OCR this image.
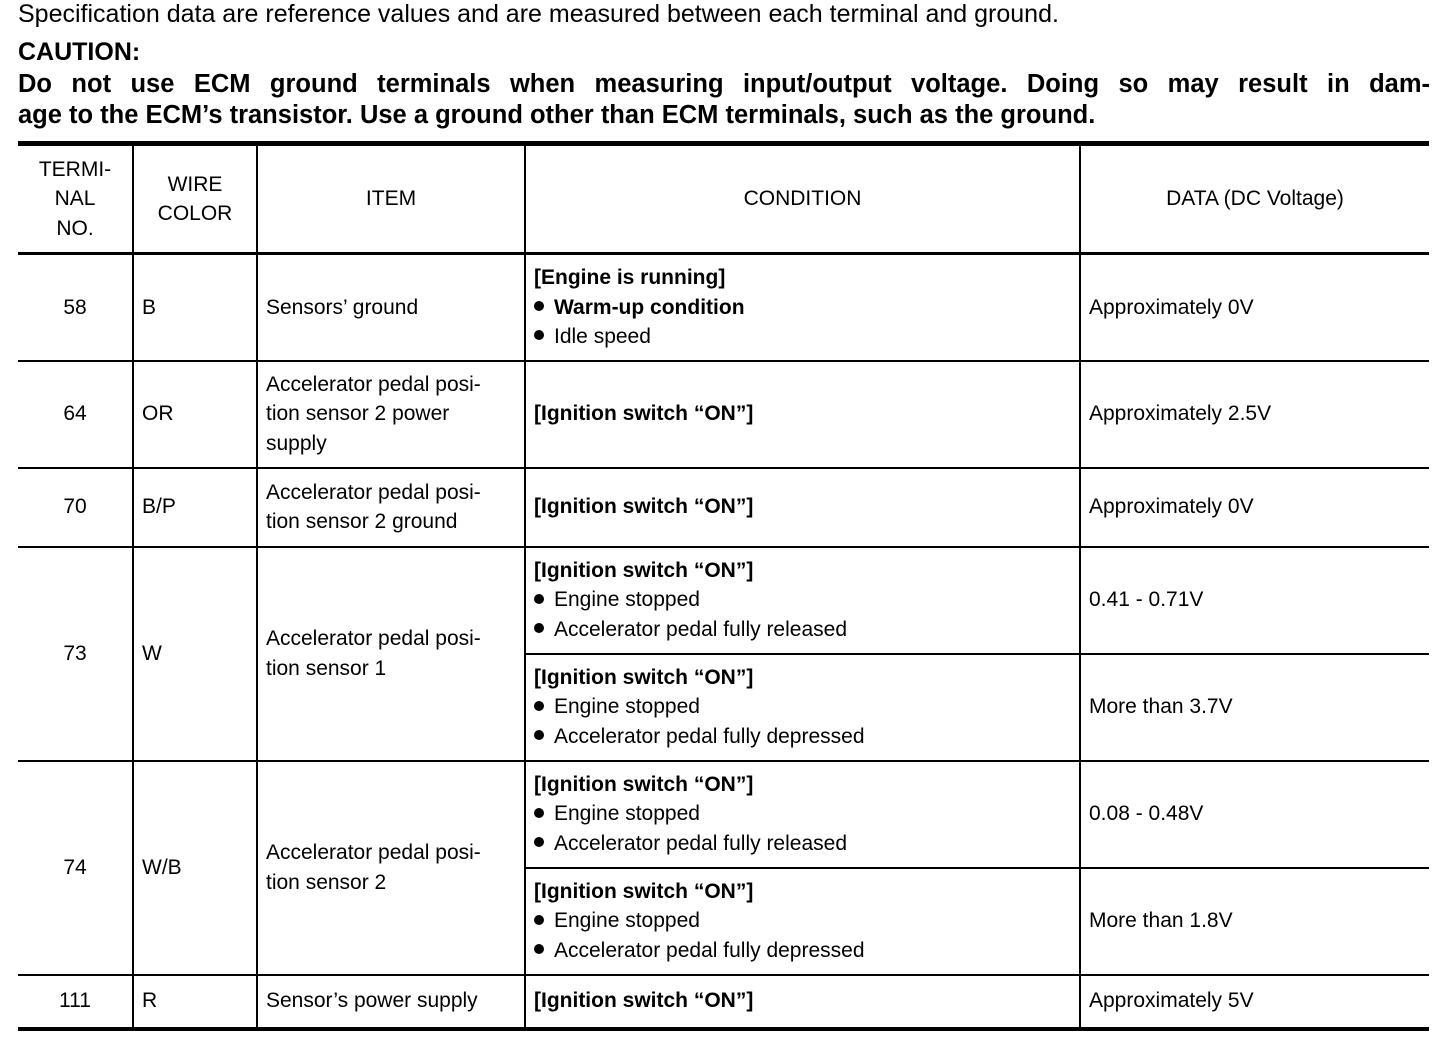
Specification data are reference values and are measured between each terminal and ground.
CAUTION:
Do not use ECM ground terminals when measuring input/output voltage. Doing so may result in dam-
age to the ECM’s transistor. Use a ground other than ECM terminals, such as the ground.
TERMI-
NAL
NO.	WIRE
COLOR	ITEM	CONDITION	DATA (DC Voltage)
58	B	Sensors’ ground	[Engine is running]
Warm-up condition
Idle speed	Approximately 0V
64	OR	Accelerator pedal posi-
tion sensor 2 power
supply	[Ignition switch “ON”]	Approximately 2.5V
70	B/P	Accelerator pedal posi-
tion sensor 2 ground	[Ignition switch “ON”]	Approximately 0V
73	W	Accelerator pedal posi-
tion sensor 1	[Ignition switch “ON”]
Engine stopped
Accelerator pedal fully released	0.41 - 0.71V

			[Ignition switch “ON”]
Engine stopped
Accelerator pedal fully depressed	More than 3.7V
74	W/B	Accelerator pedal posi-
tion sensor 2	[Ignition switch “ON”]
Engine stopped
Accelerator pedal fully released	0.08 - 0.48V

			[Ignition switch “ON”]
Engine stopped
Accelerator pedal fully depressed	More than 1.8V
111	R	Sensor’s power supply	[Ignition switch “ON”]	Approximately 5V
